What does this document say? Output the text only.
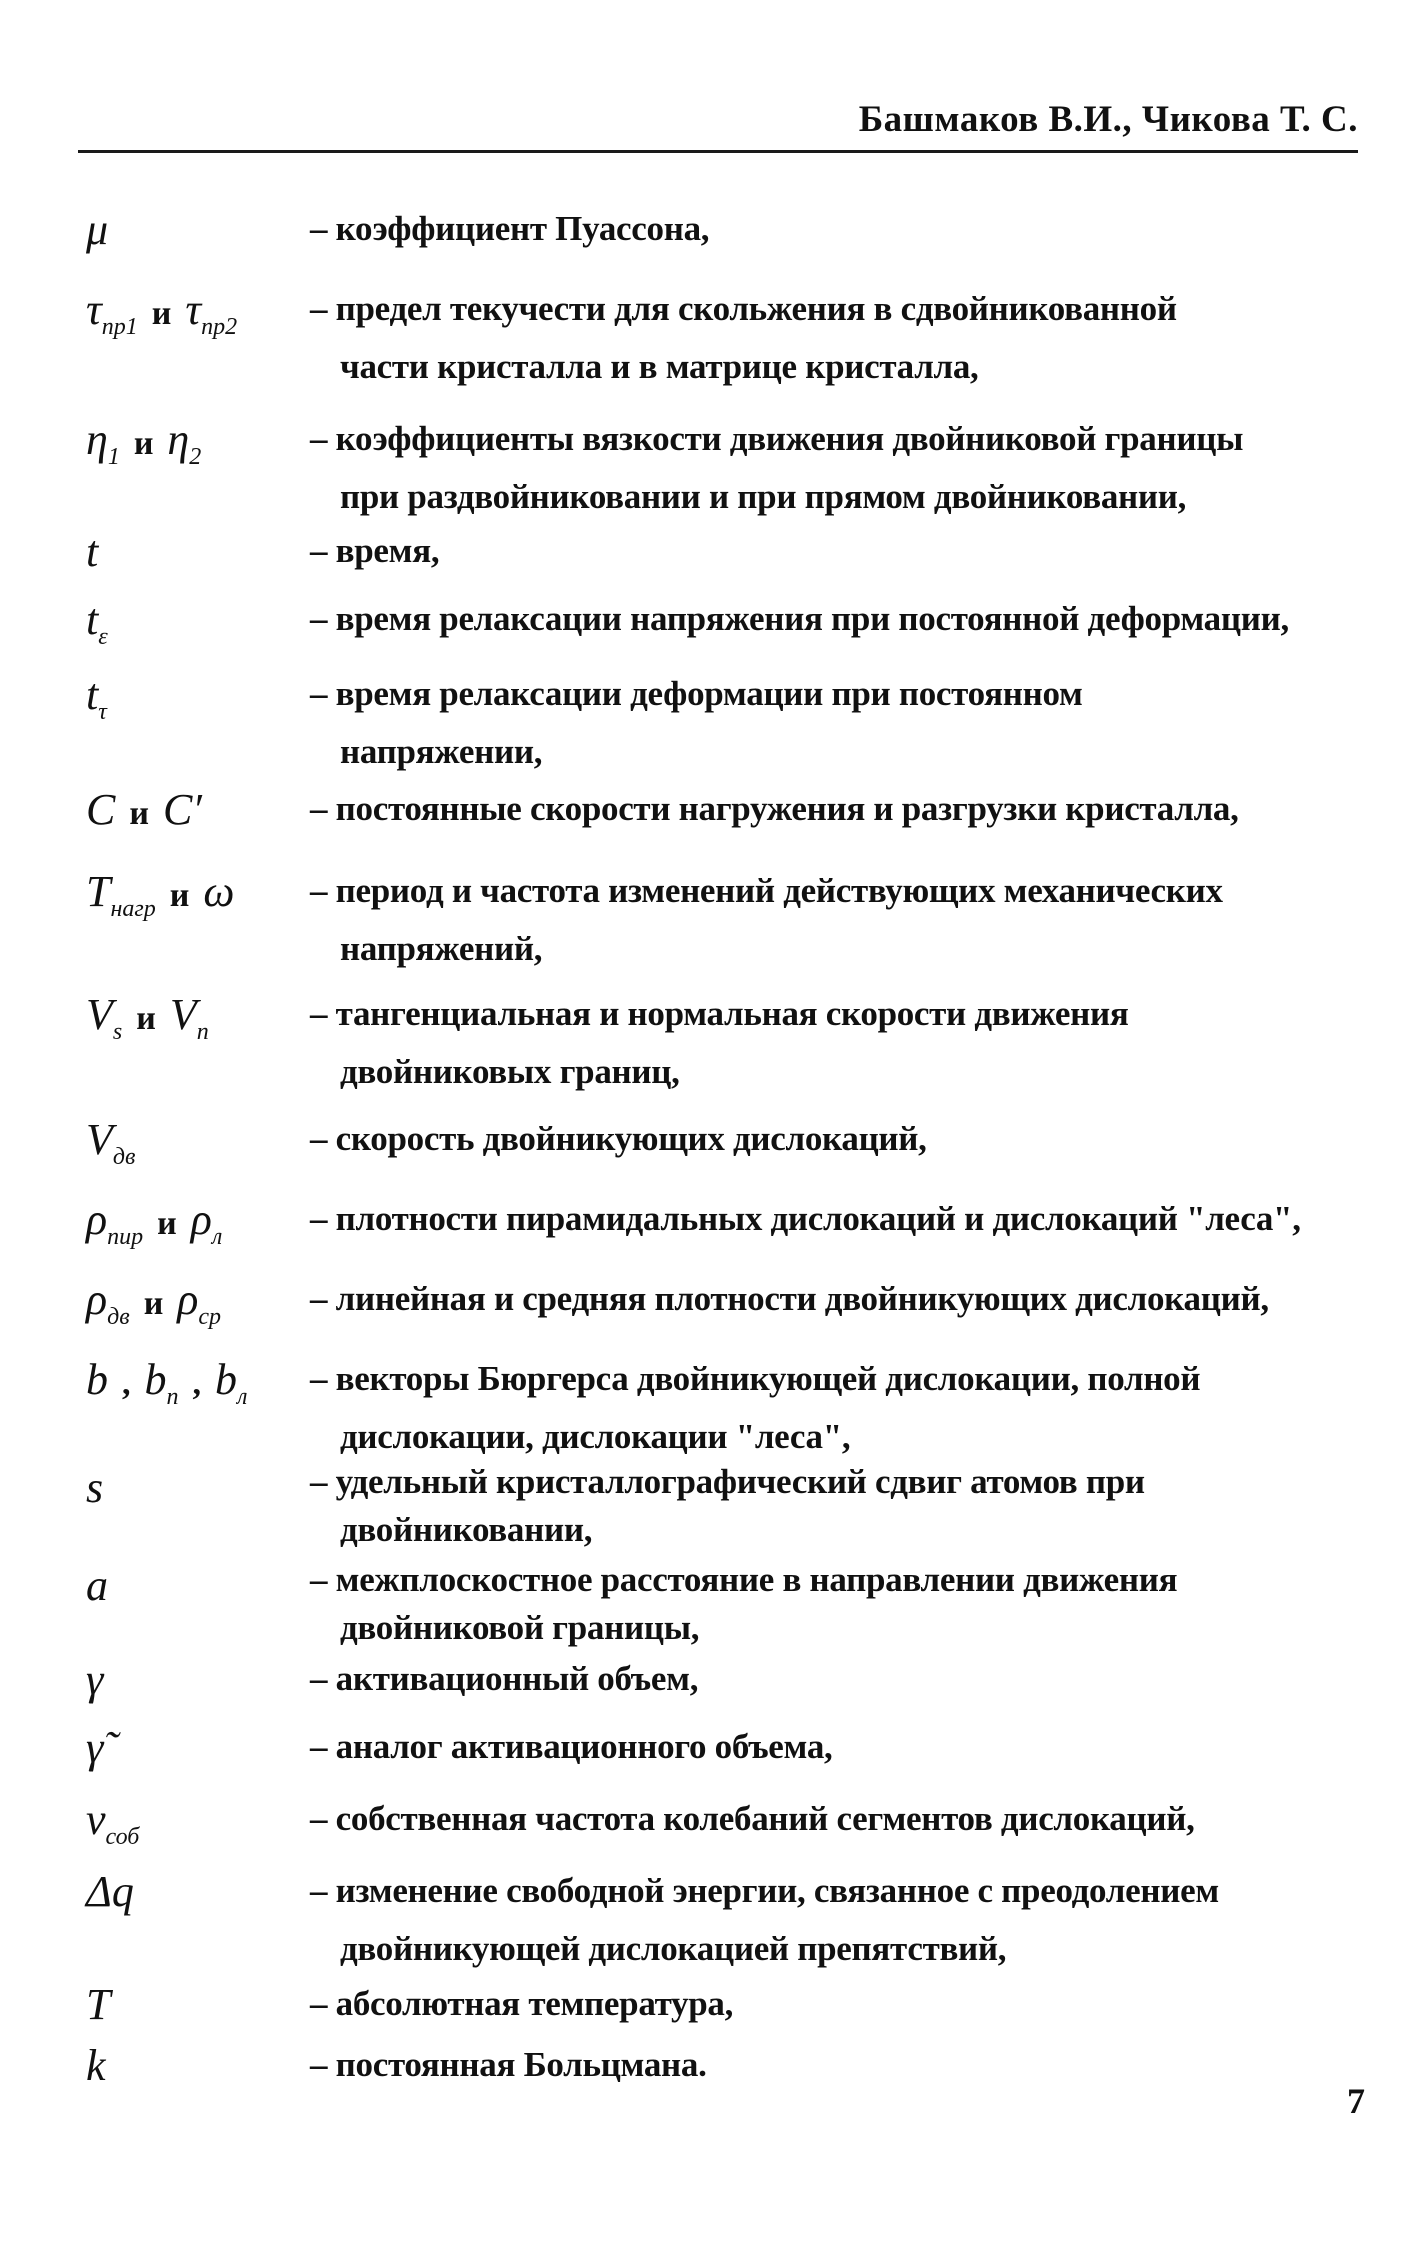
Башмаков В.И., Чикова Т. С.
μ	– коэффициент Пуассона,
$\tau_{пр1}$ и $\tau_{пр2}$ – предел текучести для скольжения в сдвойникованной
части кристалла и в матрице кристалла,
$\eta_1$ и $\eta_2$	– коэффициенты вязкости движения двойниковой границы
при раздвойниковании и при прямом двойниковании,
t	– время,
$t_\varepsilon$	– время релаксации напряжения при постоянной деформации,
$t_\tau$	– время релаксации деформации при постоянном
напряжении,
C и C′	– постоянные скорости нагружения и разгрузки кристалла,
$T_{нагр}$ и ω – период и частота изменений действующих механических
напряжений,
$V_s$ и $V_n$	– тангенциальная и нормальная скорости движения
двойниковых границ,
$V_{дв}$	– скорость двойникующих дислокаций,
$\rho_{пир}$ и $\rho_л$	– плотности пирамидальных дислокаций и дислокаций "леса",
$\rho_{дв}$ и $\rho_{ср}$	– линейная и средняя плотности двойникующих дислокаций,
b , $b_п$ , $b_л$ – векторы Бюргерса двойникующей дислокации, полной
дислокации, дислокации "леса",
s	– удельный кристаллографический сдвиг атомов при
двойниковании,
a	– межплоскостное расстояние в направлении движения
двойниковой границы,
γ	– активационный объем,
γ̃	– аналог активационного объема,
$\nu_{соб}$	– собственная частота колебаний сегментов дислокаций,
Δq	– изменение свободной энергии, связанное с преодолением
двойникующей дислокацией препятствий,
T	– абсолютная температура,
k	– постоянная Больцмана.
7
